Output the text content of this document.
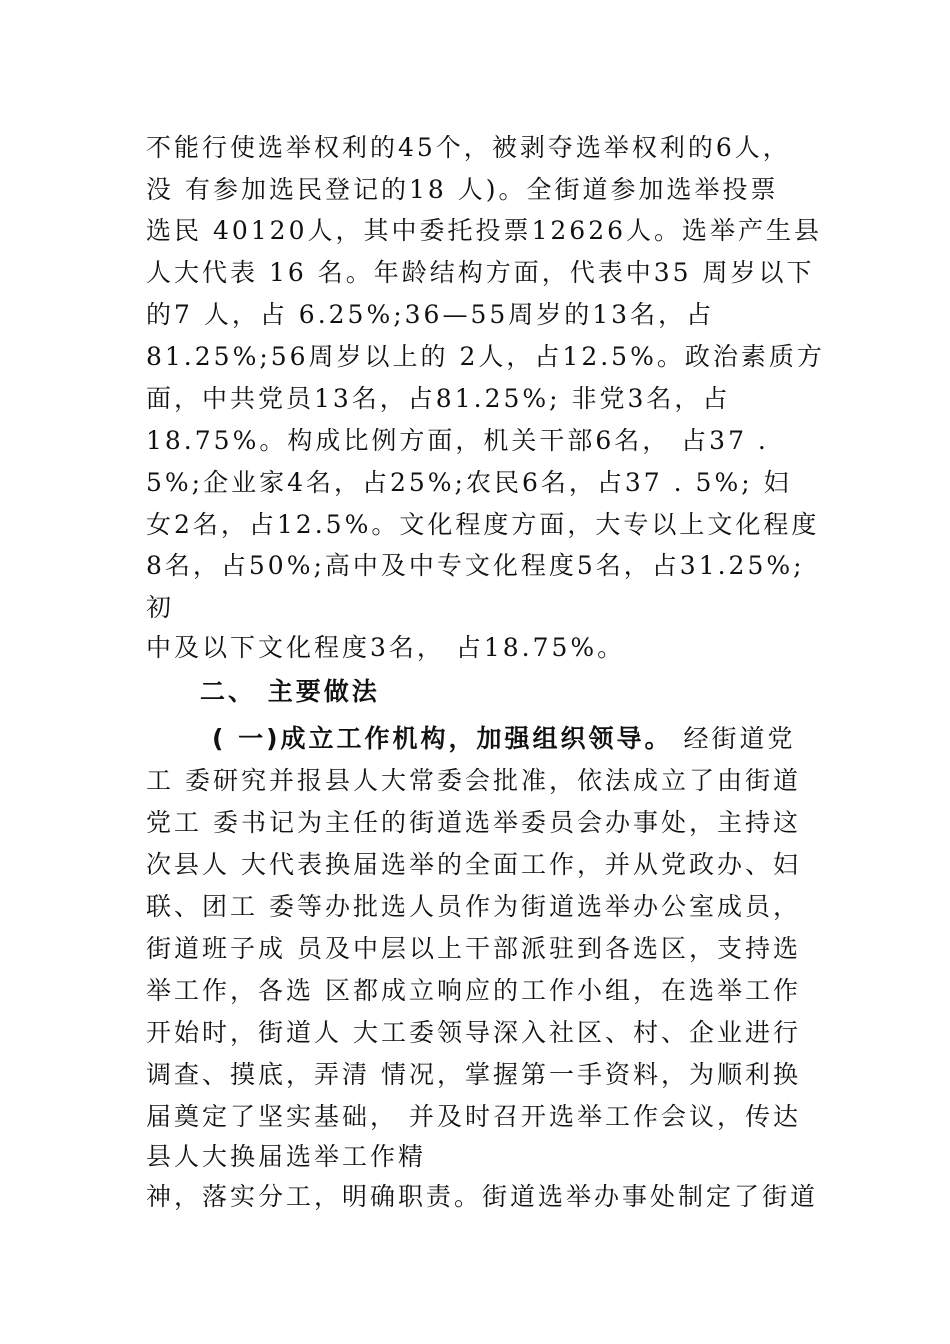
不能行使选举权利的45个，被剥夺选举权利的6人，
没 有参加选民登记的18 人)。全街道参加选举投票
选民 40120人，其中委托投票12626人。选举产生县
人大代表 16 名。年龄结构方面，代表中35 周岁以下
的7 人，占 6.25%;36—55周岁的13名，占
81.25%;56周岁以上的 2人，占12.5%。政治素质方
面，中共党员13名，占81.25%; 非党3名，占
18.75%。构成比例方面，机关干部6名， 占37 .
5%;企业家4名，占25%;农民6名，占37 . 5%; 妇
女2名，占12.5%。文化程度方面，大专以上文化程度
8名，占50%;高中及中专文化程度5名，占31.25%;
初
中及以下文化程度3名， 占18.75%。
二、 主要做法
( 一)成立工作机构，加强组织领导。 经街道党
工 委研究并报县人大常委会批准，依法成立了由街道
党工 委书记为主任的街道选举委员会办事处，主持这
次县人 大代表换届选举的全面工作，并从党政办、妇
联、团工 委等办批选人员作为街道选举办公室成员，
街道班子成 员及中层以上干部派驻到各选区，支持选
举工作，各选 区都成立响应的工作小组，在选举工作
开始时，街道人 大工委领导深入社区、村、企业进行
调查、摸底，弄清 情况，掌握第一手资料，为顺利换
届奠定了坚实基础， 并及时召开选举工作会议，传达
县人大换届选举工作精
神，落实分工，明确职责。街道选举办事处制定了街道
